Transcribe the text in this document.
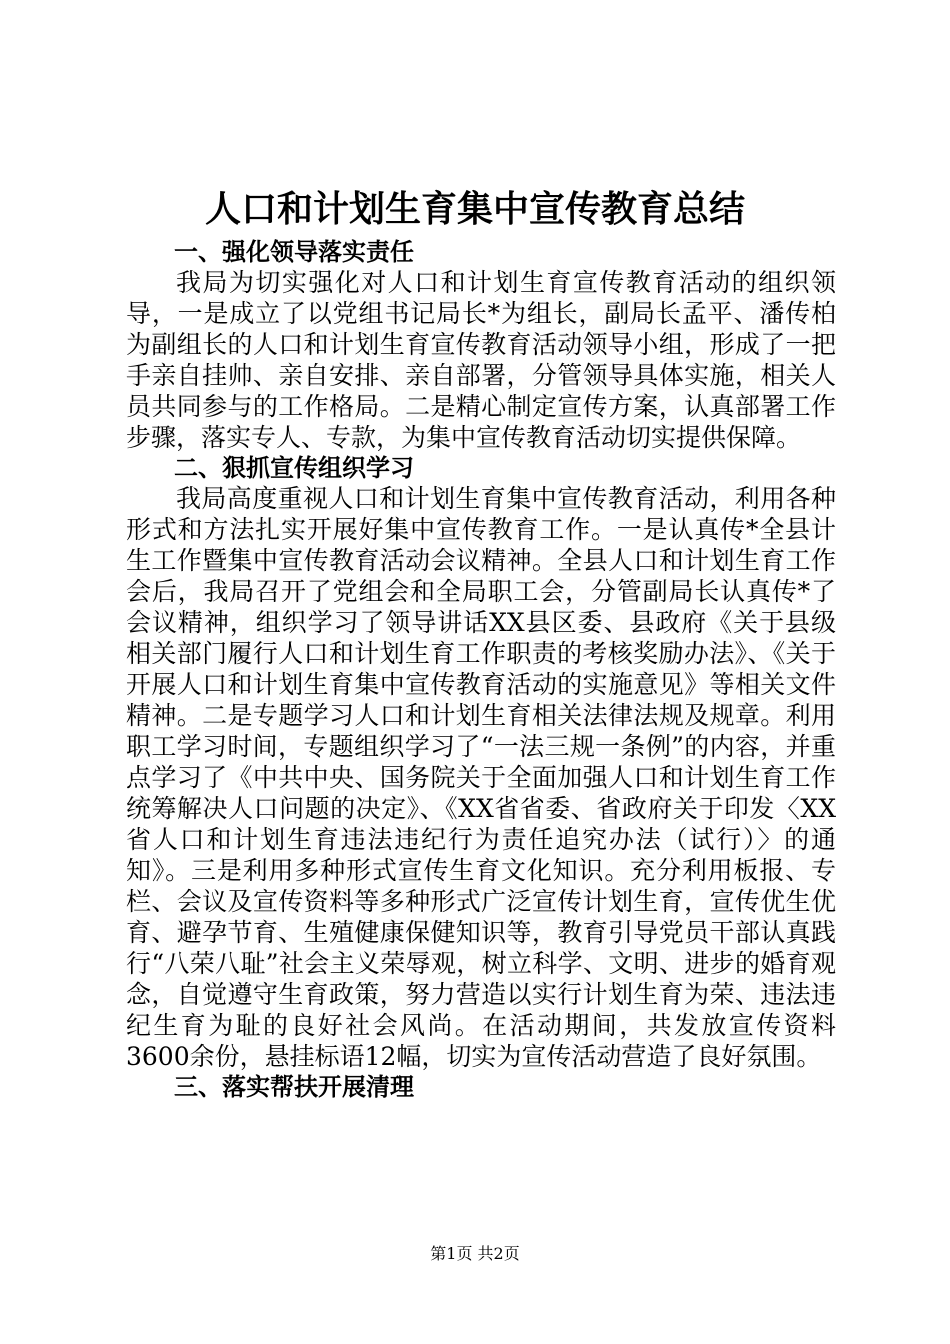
人口和计划生育集中宣传教育总结

一、强化领导落实责任

我局为切实强化对人口和计划生育宣传教育活动的组织领导，一是成立了以党组书记局长*为组长，副局长孟平、潘传柏为副组长的人口和计划生育宣传教育活动领导小组，形成了一把手亲自挂帅、亲自安排、亲自部署，分管领导具体实施，相关人员共同参与的工作格局。二是精心制定宣传方案，认真部署工作步骤，落实专人、专款，为集中宣传教育活动切实提供保障。

二、狠抓宣传组织学习

我局高度重视人口和计划生育集中宣传教育活动，利用各种形式和方法扎实开展好集中宣传教育工作。一是认真传*全县计生工作暨集中宣传教育活动会议精神。全县人口和计划生育工作会后，我局召开了党组会和全局职工会，分管副局长认真传*了会议精神，组织学习了领导讲话XX县区委、县政府《关于县级相关部门履行人口和计划生育工作职责的考核奖励办法》、《关于开展人口和计划生育集中宣传教育活动的实施意见》等相关文件精神。二是专题学习人口和计划生育相关法律法规及规章。利用职工学习时间，专题组织学习了“一法三规一条例”的内容，并重点学习了《中共中央、国务院关于全面加强人口和计划生育工作统筹解决人口问题的决定》、《XX省省委、省政府关于印发〈XX省人口和计划生育违法违纪行为责任追究办法（试行）〉的通知》。三是利用多种形式宣传生育文化知识。充分利用板报、专栏、会议及宣传资料等多种形式广泛宣传计划生育，宣传优生优育、避孕节育、生殖健康保健知识等，教育引导党员干部认真践行“八荣八耻”社会主义荣辱观，树立科学、文明、进步的婚育观念，自觉遵守生育政策，努力营造以实行计划生育为荣、违法违纪生育为耻的良好社会风尚。在活动期间，共发放宣传资料3600余份，悬挂标语12幅，切实为宣传活动营造了良好氛围。

三、落实帮扶开展清理

第1页 共2页
